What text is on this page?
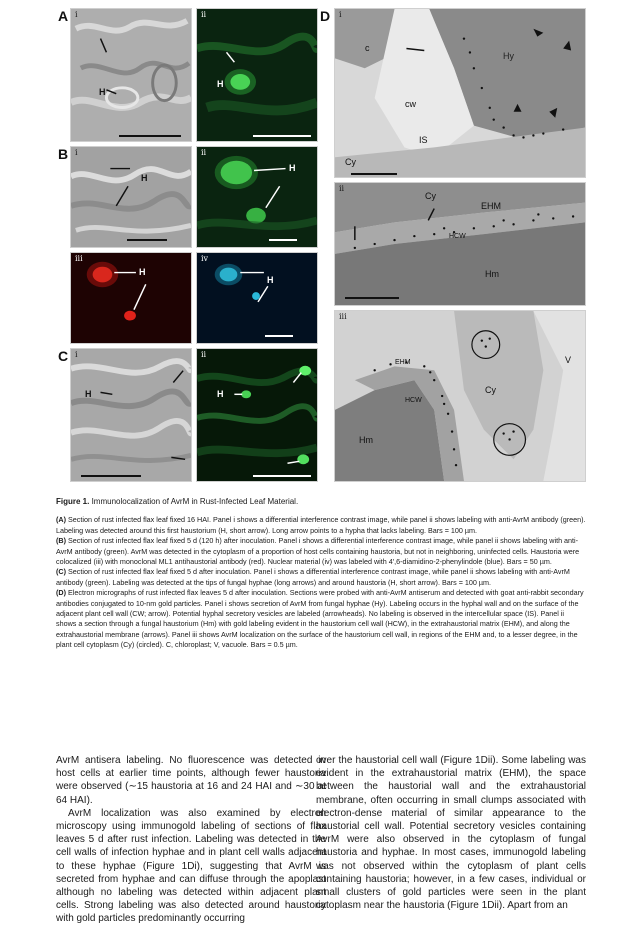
A
B
C
D
i
H
ii
H
i
H
ii
H
iii
H
iv
H
i
H
ii
H
i
c
Hy
cw
IS
Cy
ii
Cy
EHM
HCW
Hm
iii
EHM
HCW
Cy
V
Hm

Figure 1. Immunolocalization of AvrM in Rust-Infected Leaf Material.

(A) Section of rust infected flax leaf fixed 16 HAI. Panel i shows a differential interference contrast image, while panel ii shows labeling with anti-AvrM antibody (green). Labeling was detected around this first haustorium (H, short arrow). Long arrow points to a hypha that lacks labeling. Bars = 100 µm.

(B) Section of rust infected flax leaf fixed 5 d (120 h) after inoculation. Panel i shows a differential interference contrast image, while panel ii shows labeling with anti-AvrM antibody (green). AvrM was detected in the cytoplasm of a proportion of host cells containing haustoria, but not in neighboring, uninfected cells. Haustoria were colocalized (iii) with monoclonal ML1 antihaustorial antibody (red). Nuclear material (iv) was labeled with 4′,6-diamidino-2-phenylindole (blue). Bars = 50 µm.

(C) Section of rust infected flax leaf fixed 5 d after inoculation. Panel i shows a differential interference contrast image, while panel ii shows labeling with anti-AvrM antibody (green). Labeling was detected at the tips of fungal hyphae (long arrows) and around haustoria (H, short arrow). Bars = 100 µm.

(D) Electron micrographs of rust infected flax leaves 5 d after inoculation. Sections were probed with anti-AvrM antiserum and detected with goat anti-rabbit secondary antibodies conjugated to 10-nm gold particles. Panel i shows secretion of AvrM from fungal hyphae (Hy). Labeling occurs in the hyphal wall and on the surface of the adjacent plant cell wall (CW; arrow). Potential hyphal secretory vesicles are labeled (arrowheads). No labeling is observed in the intercellular space (IS). Panel ii shows a section through a fungal haustorium (Hm) with gold labeling evident in the haustorium cell wall (HCW), in the extrahaustorial matrix (EHM), and along the extrahaustorial membrane (arrows). Panel iii shows AvrM localization on the surface of the haustorium cell wall, in regions of the EHM and, to a lesser degree, in the plant cell cytoplasm (Cy) (circled). C, chloroplast; V, vacuole. Bars = 0.5 µm.

AvrM antisera labeling. No fluorescence was detected in host cells at earlier time points, although fewer haustoria were observed (∼15 haustoria at 16 and 24 HAI and ∼30 at 64 HAI).

AvrM localization was also examined by electron microscopy using immunogold labeling of sections of flax leaves 5 d after rust infection. Labeling was detected in the cell walls of infection hyphae and in plant cell walls adjacent to these hyphae (Figure 1Di), suggesting that AvrM is secreted from hyphae and can diffuse through the apoplast although no labeling was detected within adjacent plant cells. Strong labeling was also detected around haustoria with gold particles predominantly occurring

over the haustorial cell wall (Figure 1Dii). Some labeling was evident in the extrahaustorial matrix (EHM), the space between the haustorial wall and the extrahaustorial membrane, often occurring in small clumps associated with electron-dense material of similar appearance to the haustorial cell wall. Potential secretory vesicles containing AvrM were also observed in the cytoplasm of fungal haustoria and hyphae. In most cases, immunogold labeling was not observed within the cytoplasm of plant cells containing haustoria; however, in a few cases, individual or small clusters of gold particles were seen in the plant cytoplasm near the haustoria (Figure 1Dii). Apart from an
